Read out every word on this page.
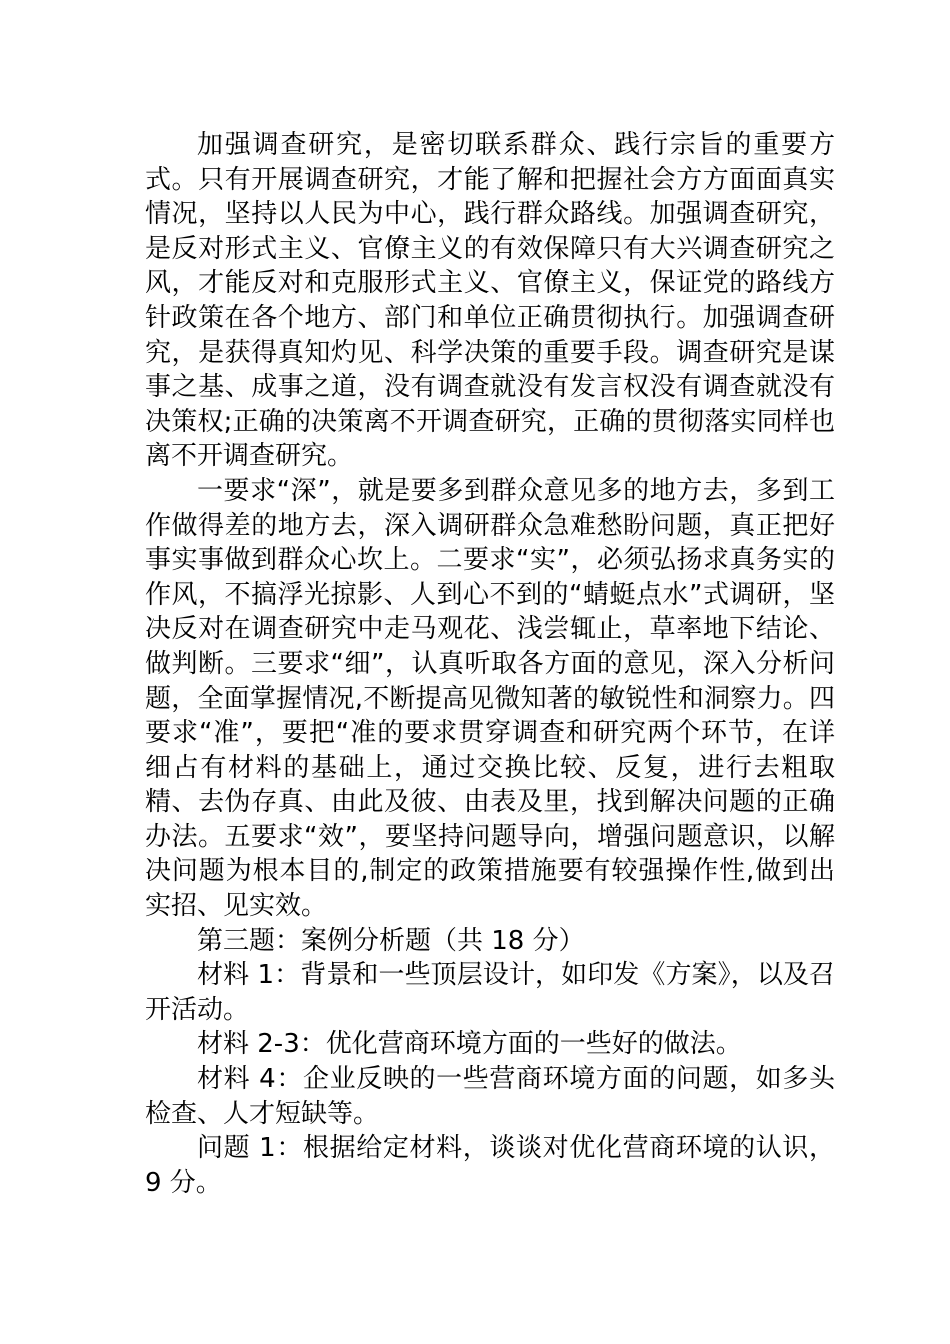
加强调查研究，是密切联系群众、践行宗旨的重要方式。只有开展调查研究，才能了解和把握社会方方面面真实情况，坚持以人民为中心，践行群众路线。加强调查研究，是反对形式主义、官僚主义的有效保障只有大兴调查研究之风，才能反对和克服形式主义、官僚主义，保证党的路线方针政策在各个地方、部门和单位正确贯彻执行。加强调查研究，是获得真知灼见、科学决策的重要手段。调查研究是谋事之基、成事之道，没有调查就没有发言权没有调查就没有决策权;正确的决策离不开调查研究，正确的贯彻落实同样也离不开调查研究。

一要求“深”，就是要多到群众意见多的地方去，多到工作做得差的地方去，深入调研群众急难愁盼问题，真正把好事实事做到群众心坎上。二要求“实”，必须弘扬求真务实的作风，不搞浮光掠影、人到心不到的“蜻蜓点水”式调研，坚决反对在调查研究中走马观花、浅尝辄止，草率地下结论、做判断。三要求“细”，认真听取各方面的意见，深入分析问题，全面掌握情况,不断提高见微知著的敏锐性和洞察力。四要求“准”，要把“准的要求贯穿调查和研究两个环节，在详细占有材料的基础上，通过交换比较、反复，进行去粗取精、去伪存真、由此及彼、由表及里，找到解决问题的正确办法。五要求“效”，要坚持问题导向，增强问题意识，以解决问题为根本目的,制定的政策措施要有较强操作性,做到出实招、见实效。

第三题：案例分析题（共 18 分）

材料 1：背景和一些顶层设计，如印发《方案》，以及召开活动。

材料 2-3：优化营商环境方面的一些好的做法。

材料 4：企业反映的一些营商环境方面的问题，如多头检查、人才短缺等。

问题 1：根据给定材料，谈谈对优化营商环境的认识，9 分。
